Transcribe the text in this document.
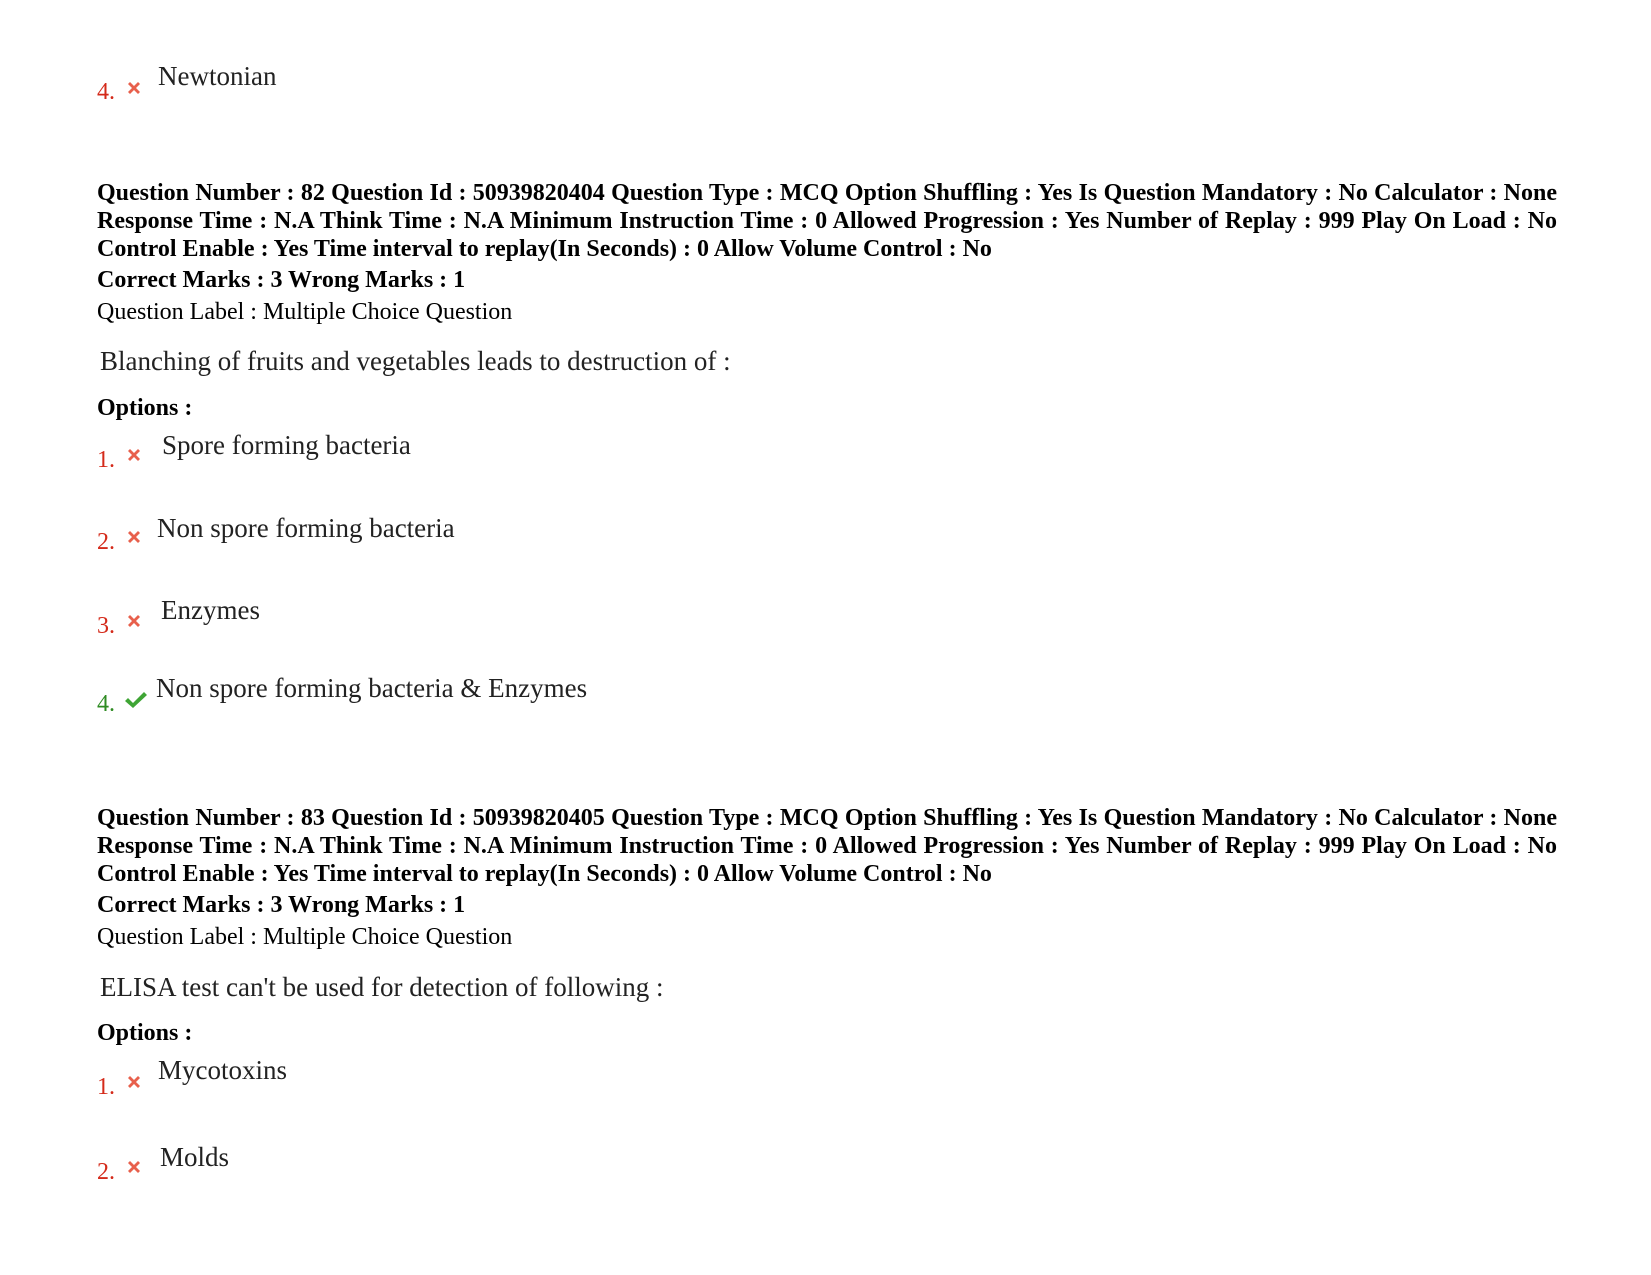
4.
Newtonian
Question Number : 82 Question Id : 50939820404 Question Type : MCQ Option Shuffling : Yes Is Question Mandatory : No Calculator : None Response Time : N.A Think Time : N.A Minimum Instruction Time : 0 Allowed Progression : Yes Number of Replay : 999 Play On Load : No Control Enable : Yes Time interval to replay(In Seconds) : 0 Allow Volume Control : No
Correct Marks : 3 Wrong Marks : 1
Question Label : Multiple Choice Question
Blanching of fruits and vegetables leads to destruction of :
Options :
1. Spore forming bacteria
2. Non spore forming bacteria
3.
Enzymes
4.
Non spore forming bacteria & Enzymes
Question Number : 83 Question Id : 50939820405 Question Type : MCQ Option Shuffling : Yes Is Question Mandatory : No Calculator : None Response Time : N.A Think Time : N.A Minimum Instruction Time : 0 Allowed Progression : Yes Number of Replay : 999 Play On Load : No Control Enable : Yes Time interval to replay(In Seconds) : 0 Allow Volume Control : No
Correct Marks : 3 Wrong Marks : 1
Question Label : Multiple Choice Question
ELISA test can't be used for detection of following :
Options :
1.
Mycotoxins
2. Molds
